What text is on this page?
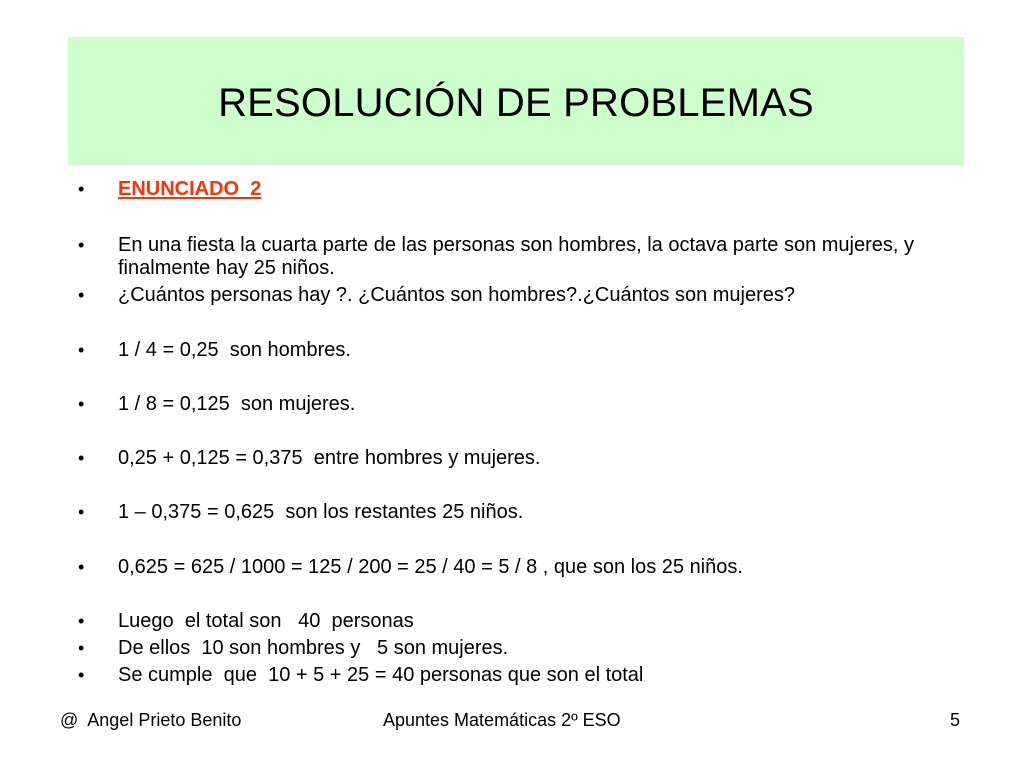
RESOLUCIÓN DE PROBLEMAS
•	ENUNCIADO  2
•	En una fiesta la cuarta parte de las personas son hombres, la octava parte son mujeres, y finalmente hay 25 niños.
•	¿Cuántos personas hay ?. ¿Cuántos son hombres?.¿Cuántos son mujeres?
•	1 / 4 = 0,25  son hombres.
•	1 / 8 = 0,125  son mujeres.
•	0,25 + 0,125 = 0,375  entre hombres y mujeres.
•	1 – 0,375 = 0,625  son los restantes 25 niños.
•	0,625 = 625 / 1000 = 125 / 200 = 25 / 40 = 5 / 8 , que son los 25 niños.
•	Luego  el total son   40  personas
•	De ellos  10 son hombres y   5 son mujeres.
•	Se cumple  que  10 + 5 + 25 = 40 personas que son el total
@  Angel Prieto Benito	Apuntes Matemáticas 2º ESO	5
